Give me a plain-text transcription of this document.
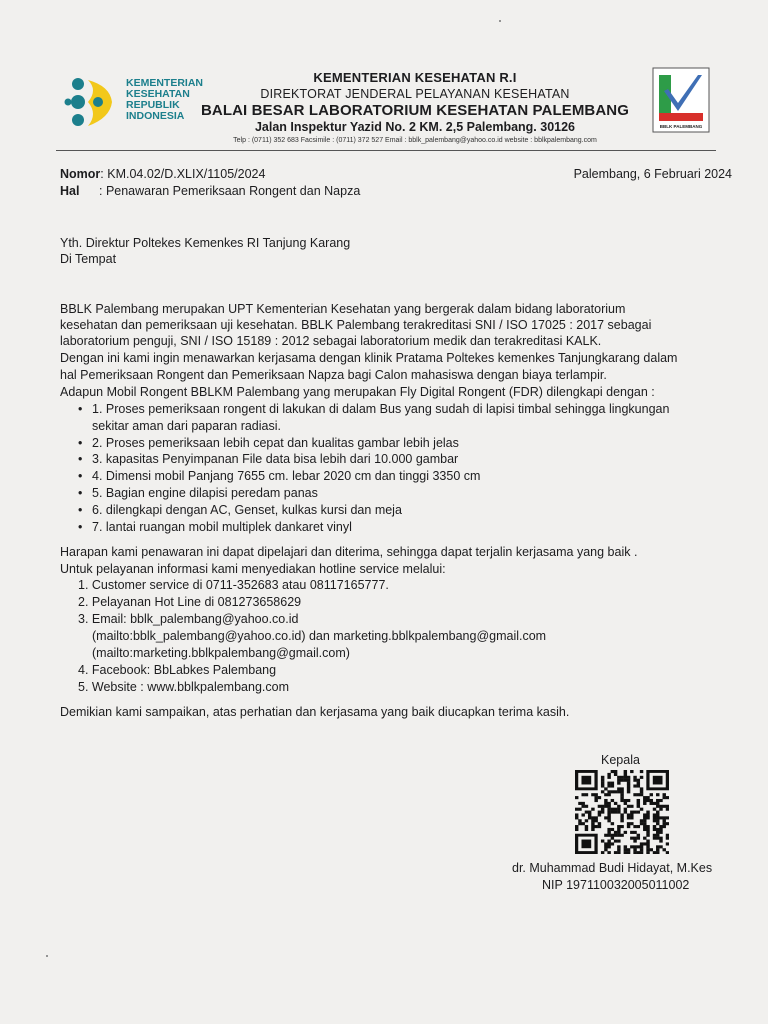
KEMENTERIAN
KESEHATAN
REPUBLIK
INDONESIA
KEMENTERIAN KESEHATAN R.I
DIREKTORAT JENDERAL PELAYANAN KESEHATAN
BALAI BESAR LABORATORIUM KESEHATAN PALEMBANG
Jalan Inspektur Yazid No. 2 KM. 2,5 Palembang. 30126
Telp : (0711) 352 683 Facsimile : (0711) 372 527 Email : bblk_palembang@yahoo.co.id website : bblkpalembang.com
BBLK PALEMBANG
Nomor: KM.04.02/D.XLIX/1105/2024
Hal : Penawaran Pemeriksaan Rongent dan Napza
Palembang, 6 Februari 2024
Yth. Direktur Poltekes Kemenkes RI Tanjung Karang
Di Tempat
BBLK Palembang merupakan UPT Kementerian Kesehatan yang bergerak dalam bidang laboratorium
kesehatan dan pemeriksaan uji kesehatan. BBLK Palembang terakreditasi SNI / ISO 17025 : 2017 sebagai
laboratorium penguji, SNI / ISO 15189 : 2012 sebagai laboratorium medik dan terakreditasi KALK.
Dengan ini kami ingin menawarkan kerjasama dengan klinik Pratama Poltekes kemenkes Tanjungkarang dalam
hal Pemeriksaan Rongent dan Pemeriksaan Napza bagi Calon mahasiswa dengan biaya terlampir.
Adapun Mobil Rongent BBLKM Palembang yang merupakan Fly Digital Rongent (FDR) dilengkapi dengan :
• 1. Proses pemeriksaan rongent di lakukan di dalam Bus yang sudah di lapisi timbal sehingga lingkungan
sekitar aman dari paparan radiasi.
• 2. Proses pemeriksaan lebih cepat dan kualitas gambar lebih jelas
• 3. kapasitas Penyimpanan File data bisa lebih dari 10.000 gambar
• 4. Dimensi mobil Panjang 7655 cm. lebar 2020 cm dan tinggi 3350 cm
• 5. Bagian engine dilapisi peredam panas
• 6. dilengkapi dengan AC, Genset, kulkas kursi dan meja
• 7. lantai ruangan mobil multiplek dankaret vinyl
Harapan kami penawaran ini dapat dipelajari dan diterima, sehingga dapat terjalin kerjasama yang baik .
Untuk pelayanan informasi kami menyediakan hotline service melalui:
1. Customer service di 0711-352683 atau 08117165777.
2. Pelayanan Hot Line di 081273658629
3. Email: bblk_palembang@yahoo.co.id
(mailto:bblk_palembang@yahoo.co.id) dan marketing.bblkpalembang@gmail.com
(mailto:marketing.bblkpalembang@gmail.com)
4. Facebook: BbLabkes Palembang
5. Website : www.bblkpalembang.com
Demikian kami sampaikan, atas perhatian dan kerjasama yang baik diucapkan terima kasih.
Kepala
dr. Muhammad Budi Hidayat, M.Kes
NIP 197110032005011002
